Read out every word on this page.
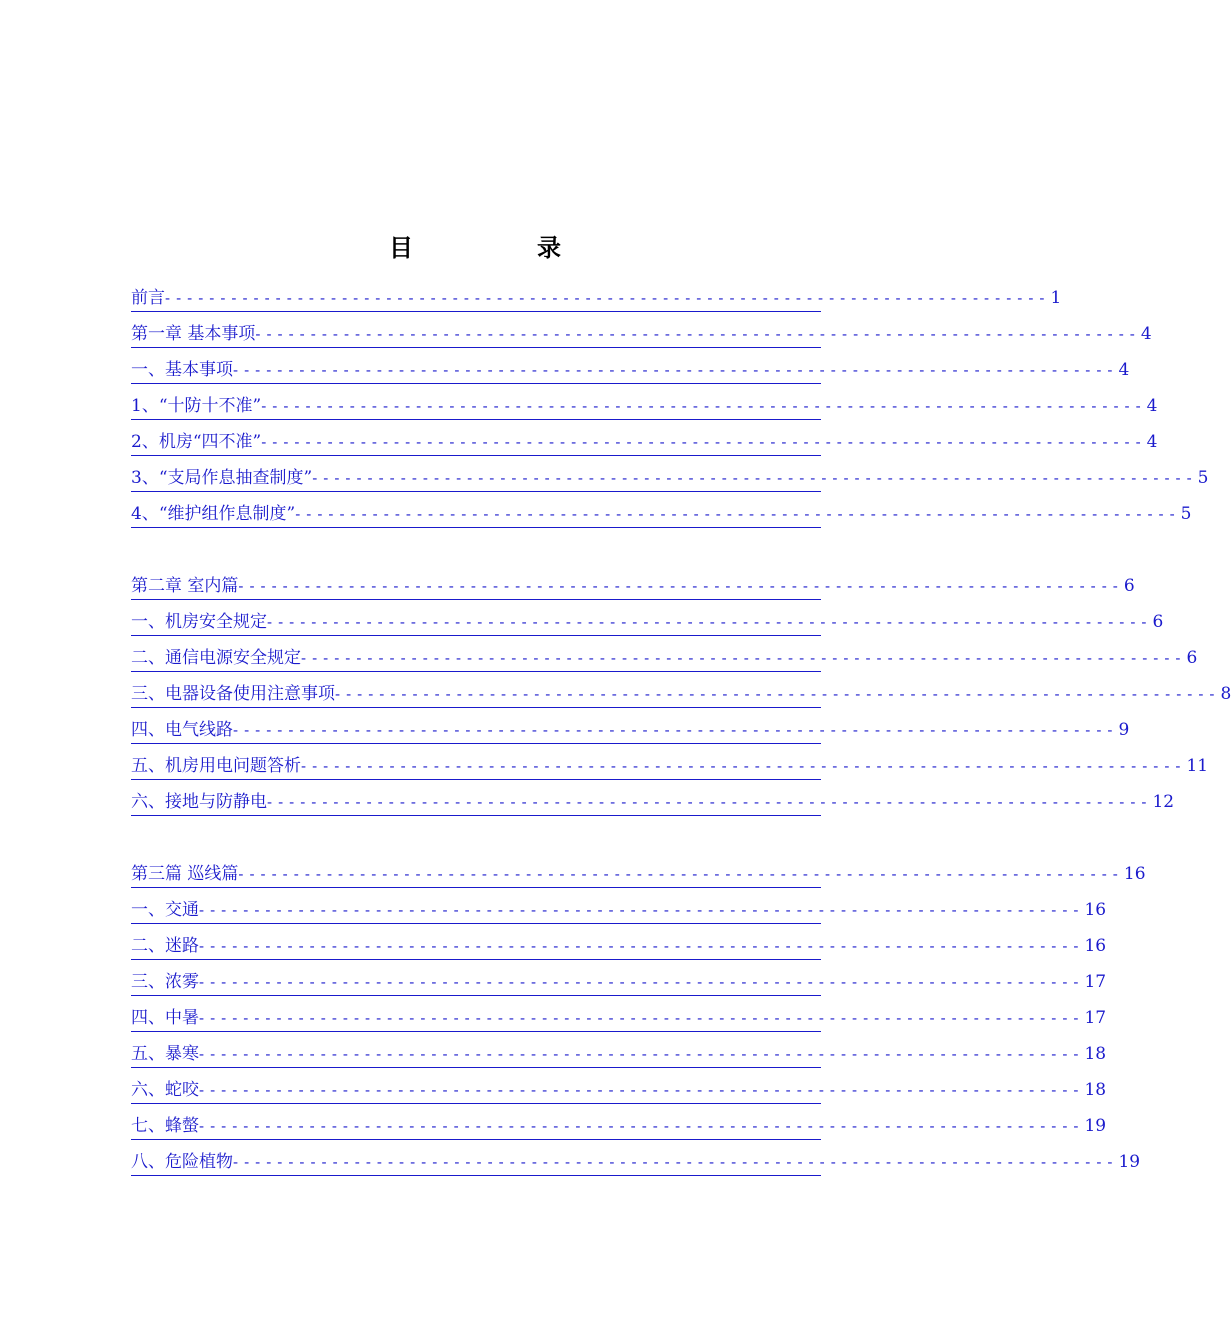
目　录
前言 -------------------------------------------------------------------------------- 1
第一章 基本事项 -------------------------------------------------------------------------------- 4
一、基本事项 -------------------------------------------------------------------------------- 4
1、“十防十不准” -------------------------------------------------------------------------------- 4
2、机房“四不准” -------------------------------------------------------------------------------- 4
3、“支局作息抽查制度” -------------------------------------------------------------------------------- 5
4、“维护组作息制度” -------------------------------------------------------------------------------- 5
第二章 室内篇 -------------------------------------------------------------------------------- 6
一、机房安全规定 -------------------------------------------------------------------------------- 6
二、通信电源安全规定 -------------------------------------------------------------------------------- 6
三、电器设备使用注意事项 -------------------------------------------------------------------------------- 8
四、电气线路 -------------------------------------------------------------------------------- 9
五、机房用电问题答析 -------------------------------------------------------------------------------- 11
六、接地与防静电 -------------------------------------------------------------------------------- 12
第三篇 巡线篇 -------------------------------------------------------------------------------- 16
一、交通 -------------------------------------------------------------------------------- 16
二、迷路 -------------------------------------------------------------------------------- 16
三、浓雾 -------------------------------------------------------------------------------- 17
四、中暑 -------------------------------------------------------------------------------- 17
五、暴寒 -------------------------------------------------------------------------------- 18
六、蛇咬 -------------------------------------------------------------------------------- 18
七、蜂螫 -------------------------------------------------------------------------------- 19
八、危险植物 -------------------------------------------------------------------------------- 19
